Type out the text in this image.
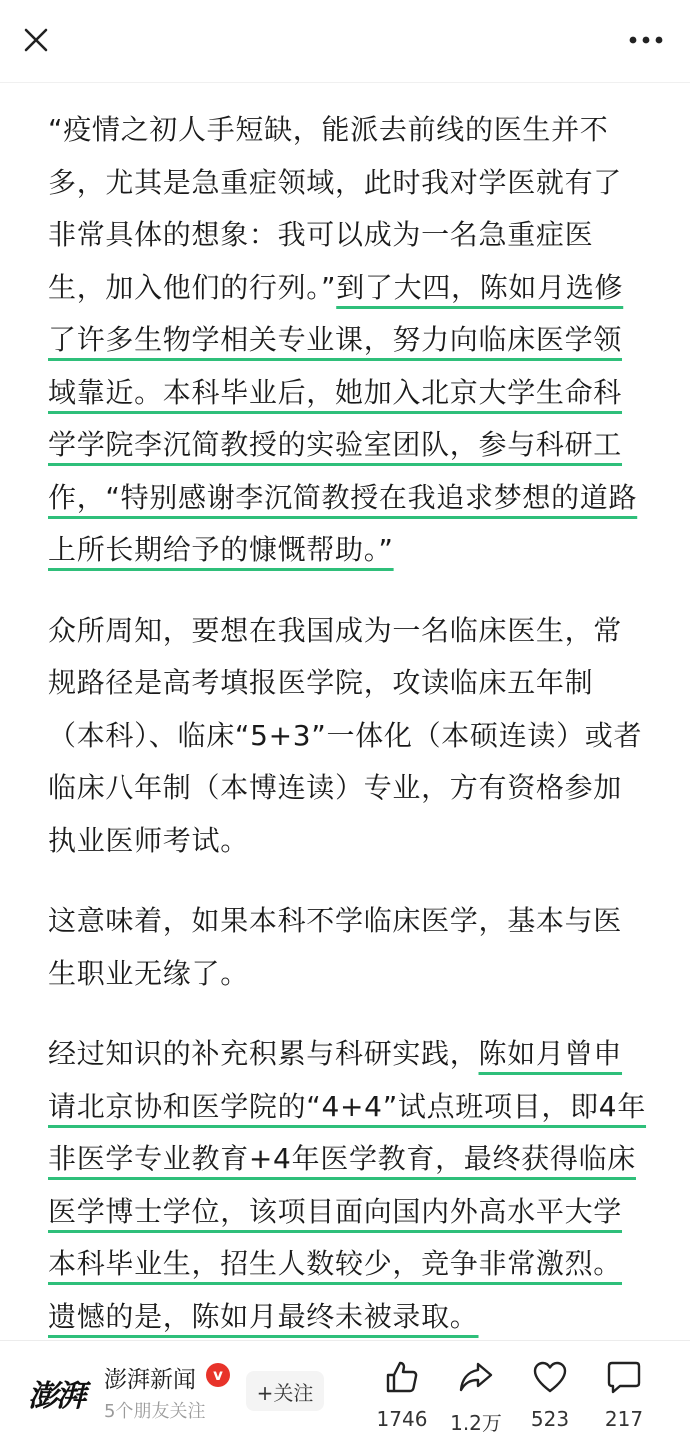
“疫情之初人手短缺，能派去前线的医生并不多，尤其是急重症领域，此时我对学医就有了非常具体的想象：我可以成为一名急重症医生，加入他们的行列。”到了大四，陈如月选修了许多生物学相关专业课，努力向临床医学领域靠近。本科毕业后，她加入北京大学生命科学学院李沉简教授的实验室团队，参与科研工作，“特别感谢李沉简教授在我追求梦想的道路上所长期给予的慷慨帮助。”

众所周知，要想在我国成为一名临床医生，常规路径是高考填报医学院，攻读临床五年制（本科）、临床“5+3”一体化（本硕连读）或者临床八年制（本博连读）专业，方有资格参加执业医师考试。

这意味着，如果本科不学临床医学，基本与医生职业无缘了。

经过知识的补充积累与科研实践，陈如月曾申请北京协和医学院的“4+4”试点班项目，即4年非医学专业教育+4年医学教育，最终获得临床医学博士学位，该项目面向国内外高水平大学本科毕业生，招生人数较少，竞争非常激烈。遗憾的是，陈如月最终未被录取。

澎湃 澎湃新闻	v
5个朋友关注
+关注
1746 1.2万 523 217
